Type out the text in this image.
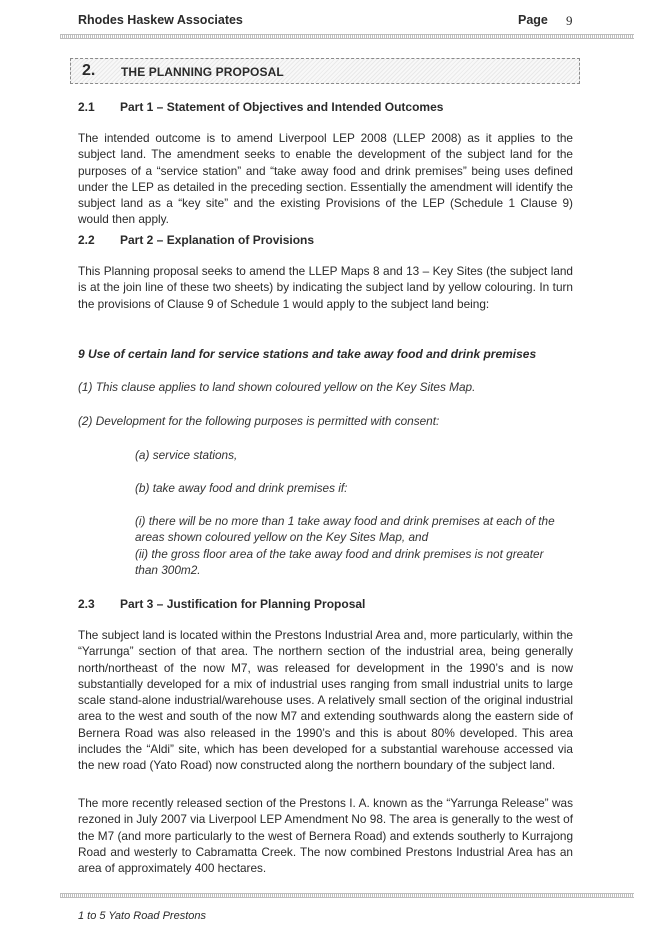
Rhodes Haskew Associates	Page 9
2. THE PLANNING PROPOSAL
2.1 Part 1 – Statement of Objectives and Intended Outcomes

The intended outcome is to amend Liverpool LEP 2008 (LLEP 2008) as it applies to the subject land. The amendment seeks to enable the development of the subject land for the purposes of a “service station” and “take away food and drink premises” being uses defined under the LEP as detailed in the preceding section. Essentially the amendment will identify the subject land as a “key site” and the existing Provisions of the LEP (Schedule 1 Clause 9) would then apply.

2.2 Part 2 – Explanation of Provisions

This Planning proposal seeks to amend the LLEP Maps 8 and 13 – Key Sites (the subject land is at the join line of these two sheets) by indicating the subject land by yellow colouring. In turn the provisions of Clause 9 of Schedule 1 would apply to the subject land being:

9 Use of certain land for service stations and take away food and drink premises

(1) This clause applies to land shown coloured yellow on the Key Sites Map.

(2) Development for the following purposes is permitted with consent:

(a) service stations,

(b) take away food and drink premises if:

(i) there will be no more than 1 take away food and drink premises at each of the areas shown coloured yellow on the Key Sites Map, and

(ii) the gross floor area of the take away food and drink premises is not greater than 300m2.

2.3 Part 3 – Justification for Planning Proposal

The subject land is located within the Prestons Industrial Area and, more particularly, within the “Yarrunga” section of that area. The northern section of the industrial area, being generally north/northeast of the now M7, was released for development in the 1990’s and is now substantially developed for a mix of industrial uses ranging from small industrial units to large scale stand-alone industrial/warehouse uses. A relatively small section of the original industrial area to the west and south of the now M7 and extending southwards along the eastern side of Bernera Road was also released in the 1990’s and this is about 80% developed. This area includes the “Aldi” site, which has been developed for a substantial warehouse accessed via the new road (Yato Road) now constructed along the northern boundary of the subject land.

The more recently released section of the Prestons I. A. known as the “Yarrunga Release” was rezoned in July 2007 via Liverpool LEP Amendment No 98. The area is generally to the west of the M7 (and more particularly to the west of Bernera Road) and extends southerly to Kurrajong Road and westerly to Cabramatta Creek. The now combined Prestons Industrial Area has an area of approximately 400 hectares.

1 to 5 Yato Road Prestons
